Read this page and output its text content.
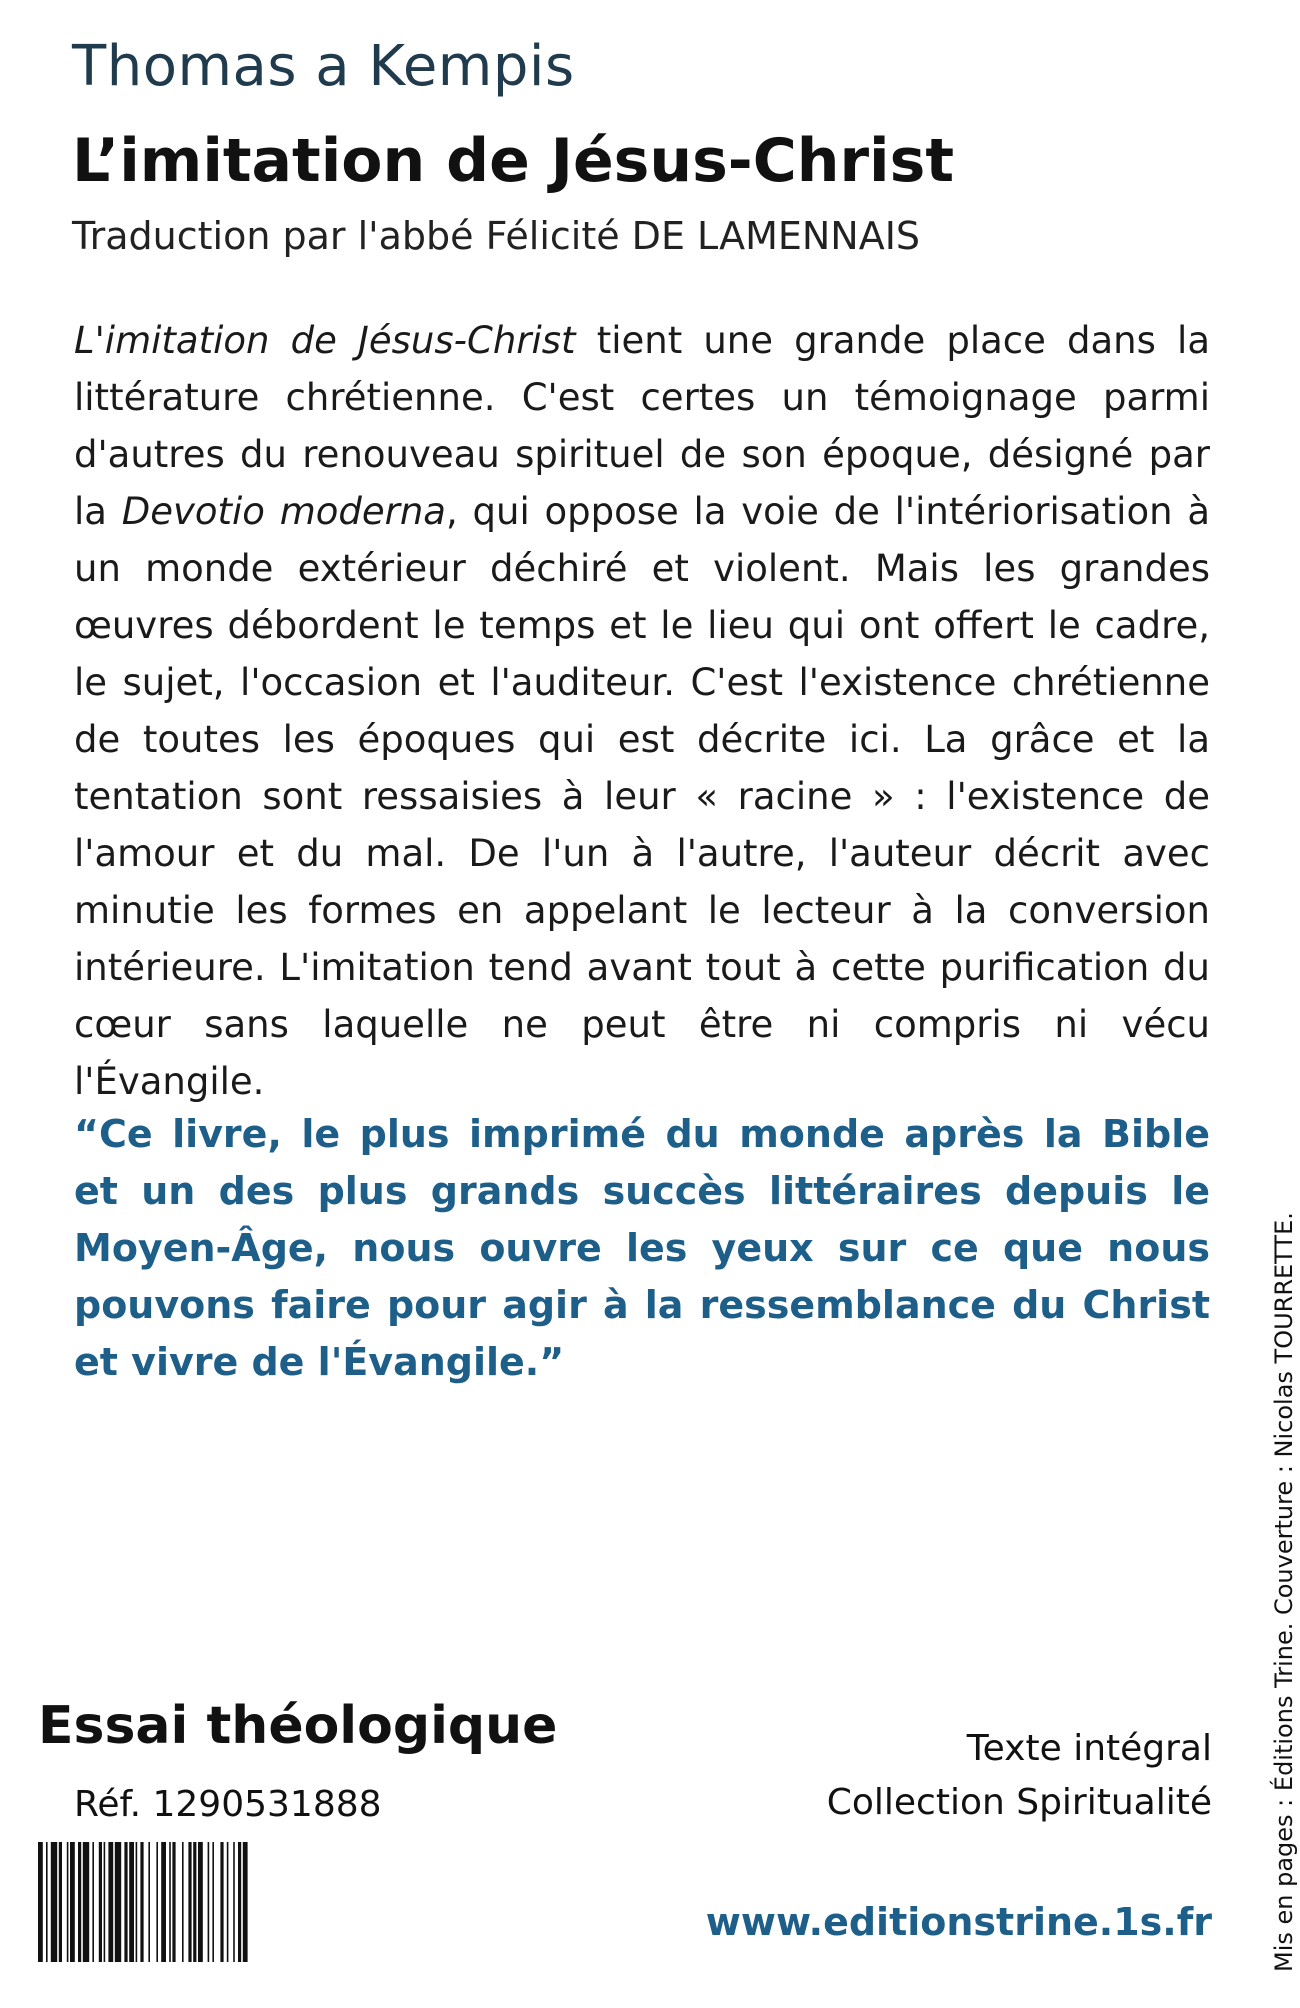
Thomas a Kempis
L’imitation de Jésus-Christ
Traduction par l'abbé Félicité DE LAMENNAIS

L'imitation de Jésus-Christ tient une grande place dans la littérature chrétienne. C'est certes un témoignage parmi d'autres du renouveau spirituel de son époque, désigné par la Devotio moderna, qui oppose la voie de l'intériorisation à un monde extérieur déchiré et violent. Mais les grandes œuvres débordent le temps et le lieu qui ont offert le cadre, le sujet, l'occasion et l'auditeur. C'est l'existence chrétienne de toutes les époques qui est décrite ici. La grâce et la tentation sont ressaisies à leur « racine » : l'existence de l'amour et du mal. De l'un à l'autre, l'auteur décrit avec minutie les formes en appelant le lecteur à la conversion intérieure. L'imitation tend avant tout à cette purification du cœur sans laquelle ne peut être ni compris ni vécu l'Évangile.

“Ce livre, le plus imprimé du monde après la Bible et un des plus grands succès littéraires depuis le Moyen-Âge, nous ouvre les yeux sur ce que nous pouvons faire pour agir à la ressemblance du Christ et vivre de l'Évangile.”

Essai théologique
Réf. 1290531888
Texte intégral
Collection Spiritualité
www.editionstrine.1s.fr Mis en pages : Éditions Trine. Couverture : Nicolas TOURRETTE.
